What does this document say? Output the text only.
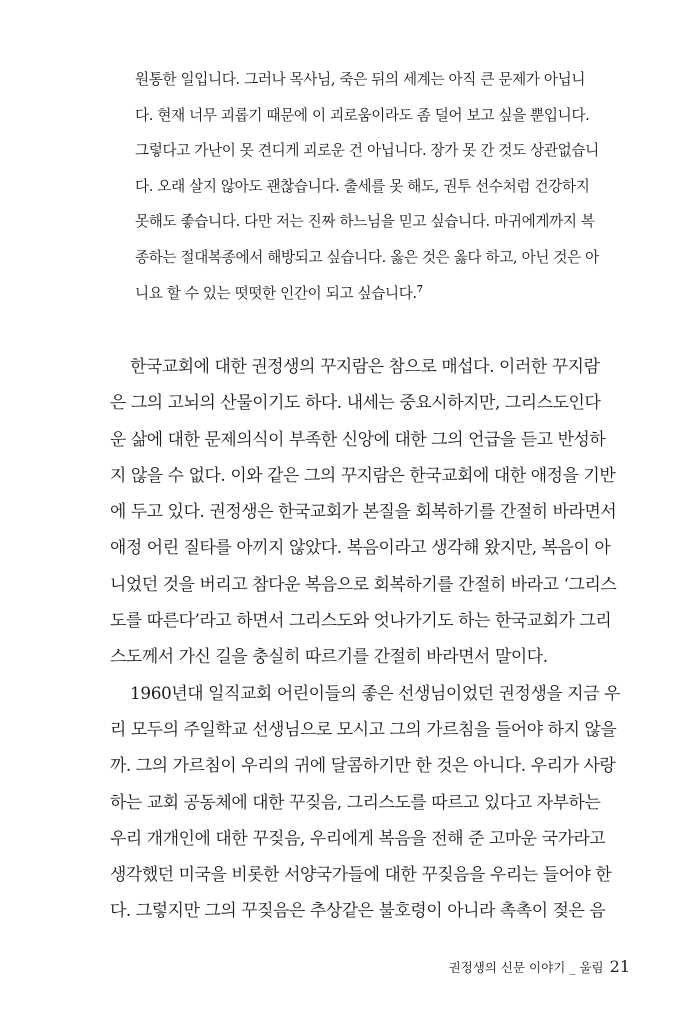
원통한 일입니다. 그러나 목사님, 죽은 뒤의 세계는 아직 큰 문제가 아닙니
다. 현재 너무 괴롭기 때문에 이 괴로움이라도 좀 덜어 보고 싶을 뿐입니다.
그렇다고 가난이 못 견디게 괴로운 건 아닙니다. 장가 못 간 것도 상관없습니
다. 오래 살지 않아도 괜찮습니다. 출세를 못 해도, 권투 선수처럼 건강하지
못해도 좋습니다. 다만 저는 진짜 하느님을 믿고 싶습니다. 마귀에게까지 복
종하는 절대복종에서 해방되고 싶습니다. 옳은 것은 옳다 하고, 아닌 것은 아
니요 할 수 있는 떳떳한 인간이 되고 싶습니다.$^7$
한국교회에 대한 권정생의 꾸지람은 참으로 매섭다. 이러한 꾸지람
은 그의 고뇌의 산물이기도 하다. 내세는 중요시하지만, 그리스도인다
운 삶에 대한 문제의식이 부족한 신앙에 대한 그의 언급을 듣고 반성하
지 않을 수 없다. 이와 같은 그의 꾸지람은 한국교회에 대한 애정을 기반
에 두고 있다. 권정생은 한국교회가 본질을 회복하기를 간절히 바라면서
애정 어린 질타를 아끼지 않았다. 복음이라고 생각해 왔지만, 복음이 아
니었던 것을 버리고 참다운 복음으로 회복하기를 간절히 바라고 ‘그리스
도를 따른다’라고 하면서 그리스도와 엇나가기도 하는 한국교회가 그리
스도께서 가신 길을 충실히 따르기를 간절히 바라면서 말이다.
1960년대 일직교회 어린이들의 좋은 선생님이었던 권정생을 지금 우
리 모두의 주일학교 선생님으로 모시고 그의 가르침을 들어야 하지 않을
까. 그의 가르침이 우리의 귀에 달콤하기만 한 것은 아니다. 우리가 사랑
하는 교회 공동체에 대한 꾸짖음, 그리스도를 따르고 있다고 자부하는
우리 개개인에 대한 꾸짖음, 우리에게 복음을 전해 준 고마운 국가라고
생각했던 미국을 비롯한 서양국가들에 대한 꾸짖음을 우리는 들어야 한
다. 그렇지만 그의 꾸짖음은 추상같은 불호령이 아니라 촉촉이 젖은 음
권정생의 신문 이야기 _ 울림 21
